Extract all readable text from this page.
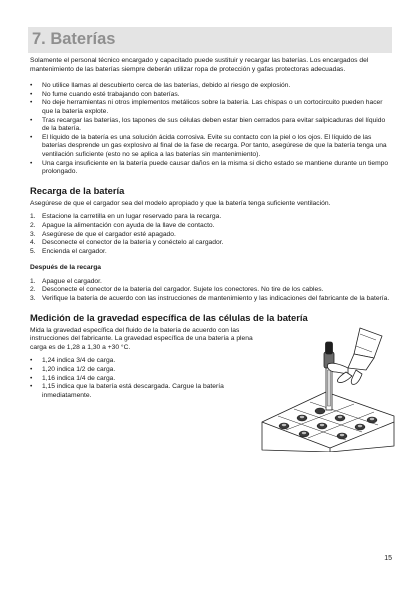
7. Baterías

Solamente el personal técnico encargado y capacitado puede sustituir y recargar las baterías. Los encargados del mantenimiento de las baterías siempre deberán utilizar ropa de protección y gafas protectoras adecuadas.

• No utilice llamas al descubierto cerca de las baterías, debido al riesgo de explosión.
• No fume cuando esté trabajando con baterías.
• No deje herramientas ni otros implementos metálicos sobre la batería. Las chispas o un cortocircuito pueden hacer que la batería explote.
• Tras recargar las baterías, los tapones de sus células deben estar bien cerrados para evitar salpicaduras del líquido de la batería.
• El líquido de la batería es una solución ácida corrosiva. Evite su contacto con la piel o los ojos. El líquido de las baterías desprende un gas explosivo al final de la fase de recarga. Por tanto, asegúrese de que la batería tenga una ventilación suficiente (esto no se aplica a las baterías sin mantenimiento).
• Una carga insuficiente en la batería puede causar daños en la misma si dicho estado se mantiene durante un tiempo prolongado.
Recarga de la batería

Asegúrese de que el cargador sea del modelo apropiado y que la batería tenga suficiente ventilación.

1. Estacione la carretilla en un lugar reservado para la recarga.
2. Apague la alimentación con ayuda de la llave de contacto.
3. Asegúrese de que el cargador esté apagado.
4. Desconecte el conector de la batería y conéctelo al cargador.
5. Encienda el cargador.
Después de la recarga
1. Apague el cargador.
2. Desconecte el conector de la batería del cargador. Sujete los conectores. No tire de los cables.
3. Verifique la batería de acuerdo con las instrucciones de mantenimiento y las indicaciones del fabricante de la batería.
Medición de la gravedad específica de las células de la batería

Mida la gravedad específica del fluido de la batería de acuerdo con las instrucciones del fabricante. La gravedad específica de una batería a plena carga es de 1,28 a 1,30 a +30 °C.

• 1,24 indica 3/4 de carga.
• 1,20 indica 1/2 de carga.
• 1,16 indica 1/4 de carga.
• 1,15 indica que la batería está descargada. Cargue la batería inmediatamente.
15
